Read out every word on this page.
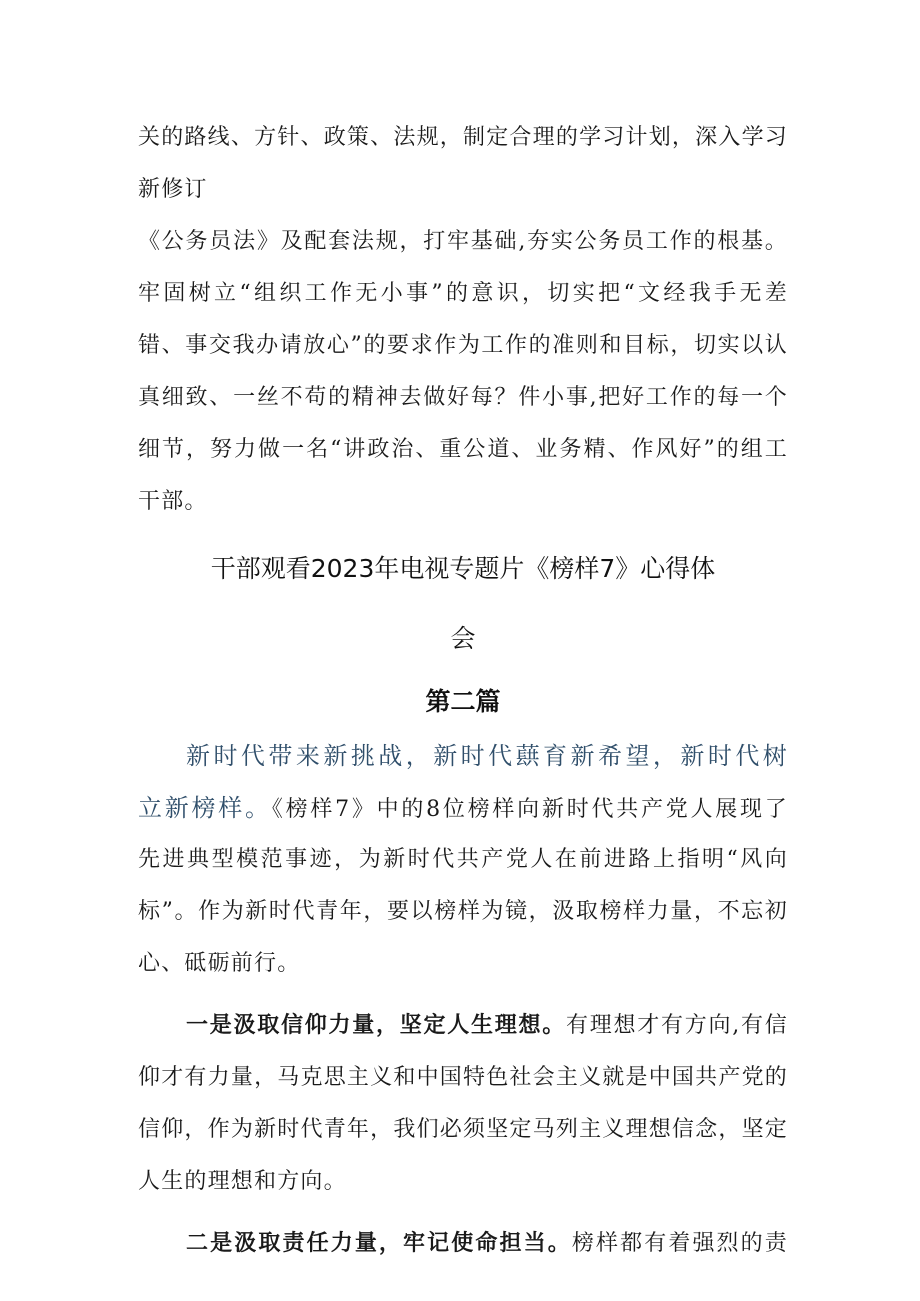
关的路线、方针、政策、法规，制定合理的学习计划，深入学习
新修订
《公务员法》及配套法规，打牢基础,夯实公务员工作的根基。
牢固树立“组织工作无小事”的意识，切实把“文经我手无差
错、事交我办请放心”的要求作为工作的准则和目标，切实以认
真细致、一丝不苟的精神去做好每？件小事,把好工作的每一个
细节，努力做一名“讲政治、重公道、业务精、作风好”的组工
干部。
干部观看2023年电视专题片《榜样7》心得体
会
第二篇
新时代带来新挑战，新时代蕻育新希望，新时代树
立新榜样。《榜样7》中的8位榜样向新时代共产党人展现了
先进典型模范事迹，为新时代共产党人在前进路上指明“风向
标”。作为新时代青年，要以榜样为镜，汲取榜样力量，不忘初
心、砥砺前行。
一是汲取信仰力量，坚定人生理想。有理想才有方向,有信
仰才有力量，马克思主义和中国特色社会主义就是中国共产党的
信仰，作为新时代青年，我们必须坚定马列主义理想信念，坚定
人生的理想和方向。
二是汲取责任力量，牢记使命担当。榜样都有着强烈的责
